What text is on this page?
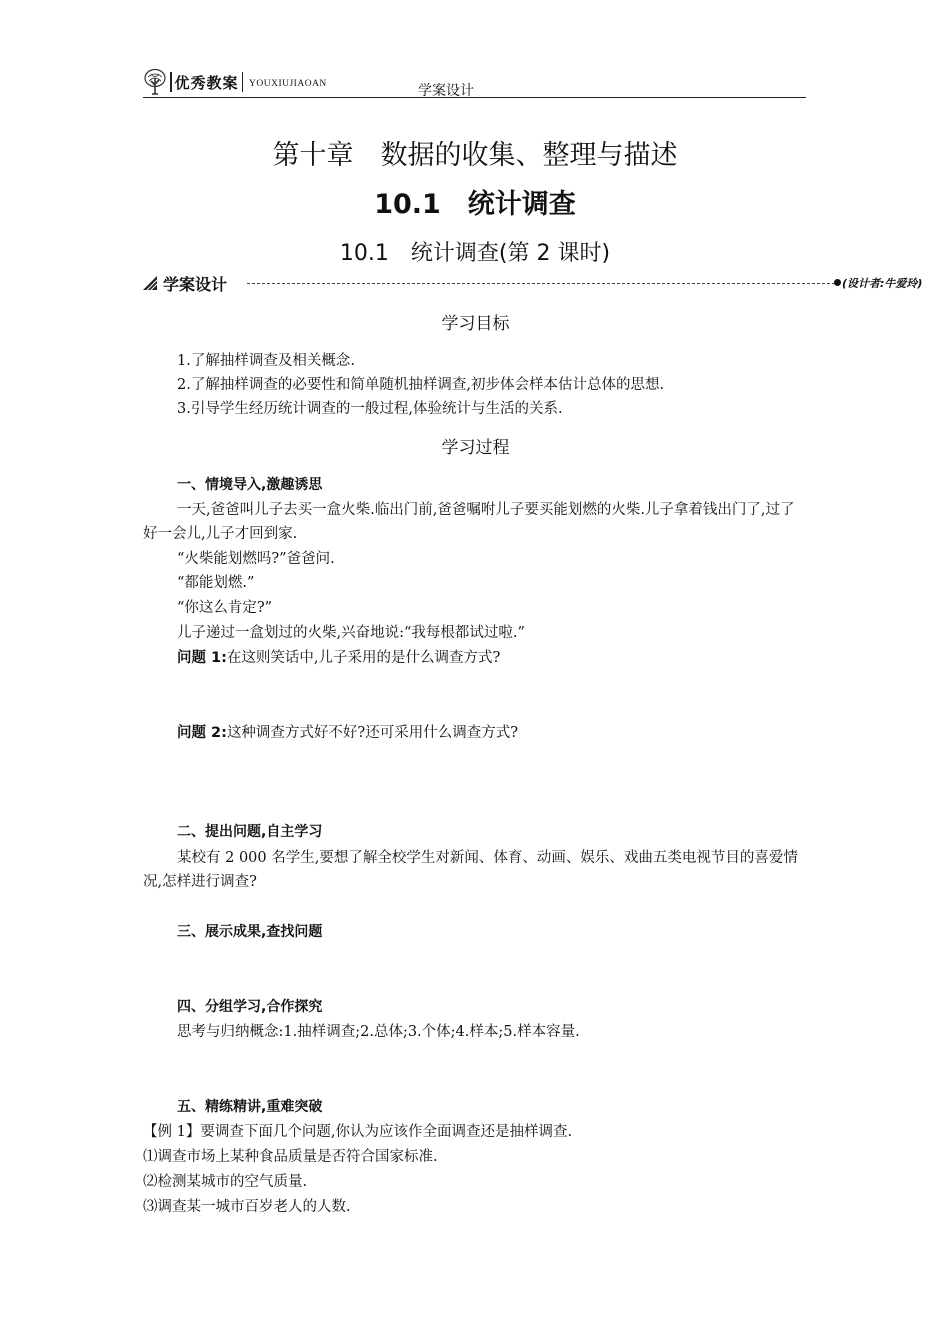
优秀教案 YOUXIUJIAOAN	学案设计
第十章　数据的收集、整理与描述
10.1　统计调查
10.1　统计调查(第 2 课时)
学案设计	(设计者:牛爱玲)
学习目标
1.了解抽样调查及相关概念.
2.了解抽样调查的必要性和简单随机抽样调查,初步体会样本估计总体的思想.
3.引导学生经历统计调查的一般过程,体验统计与生活的关系.
学习过程
一、情境导入,激趣诱思
一天,爸爸叫儿子去买一盒火柴.临出门前,爸爸嘱咐儿子要买能划燃的火柴.儿子拿着钱出门了,过了好一会儿,儿子才回到家.
“火柴能划燃吗?”爸爸问.
“都能划燃.”
“你这么肯定?”
儿子递过一盒划过的火柴,兴奋地说:“我每根都试过啦.”
问题 1:在这则笑话中,儿子采用的是什么调查方式?
问题 2:这种调查方式好不好?还可采用什么调查方式?
二、提出问题,自主学习
某校有 2 000 名学生,要想了解全校学生对新闻、体育、动画、娱乐、戏曲五类电视节目的喜爱情况,怎样进行调查?
三、展示成果,查找问题
四、分组学习,合作探究
思考与归纳概念:1.抽样调查;2.总体;3.个体;4.样本;5.样本容量.
五、精练精讲,重难突破
【例 1】要调查下面几个问题,你认为应该作全面调查还是抽样调查.
⑴调查市场上某种食品质量是否符合国家标准.
⑵检测某城市的空气质量.
⑶调查某一城市百岁老人的人数.
